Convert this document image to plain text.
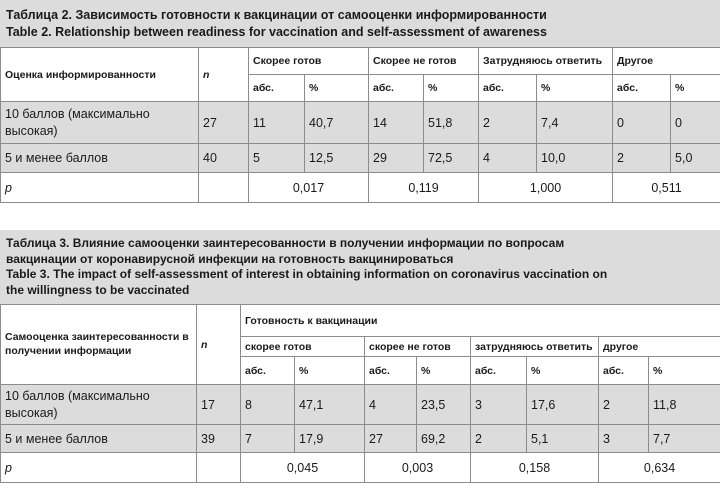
Таблица 2. Зависимость готовности к вакцинации от самооценки информированности
Table 2. Relationship between readiness for vaccination and self-assessment of awareness
Оценка информированности	n	Скорее готов		Скорее не готов		Затрудняюсь ответить		Другое	
		абс.	%	абс.	%	абс.	%	абс.	%
10 баллов (максимально высокая)	27	11	40,7	14	51,8	2	7,4	0	0
5 и менее баллов	40	5	12,5	29	72,5	4	10,0	2	5,0
p		0,017		0,119		1,000		0,511	
Таблица 3. Влияние самооценки заинтересованности в получении информации по вопросам
вакцинации от коронавирусной инфекции на готовность вакцинироваться
Table 3. The impact of self-assessment of interest in obtaining information on coronavirus vaccination on
the willingness to be vaccinated
Самооценка заинтересованности в получении информации	n	Готовность к вакцинации							
		скорее готов		скорее не готов		затрудняюсь ответить		другое	
		абс.	%	абс.	%	абс.	%	абс.	%
10 баллов (максимально высокая)	17	8	47,1	4	23,5	3	17,6	2	11,8
5 и менее баллов	39	7	17,9	27	69,2	2	5,1	3	7,7
p		0,045		0,003		0,158		0,634	
